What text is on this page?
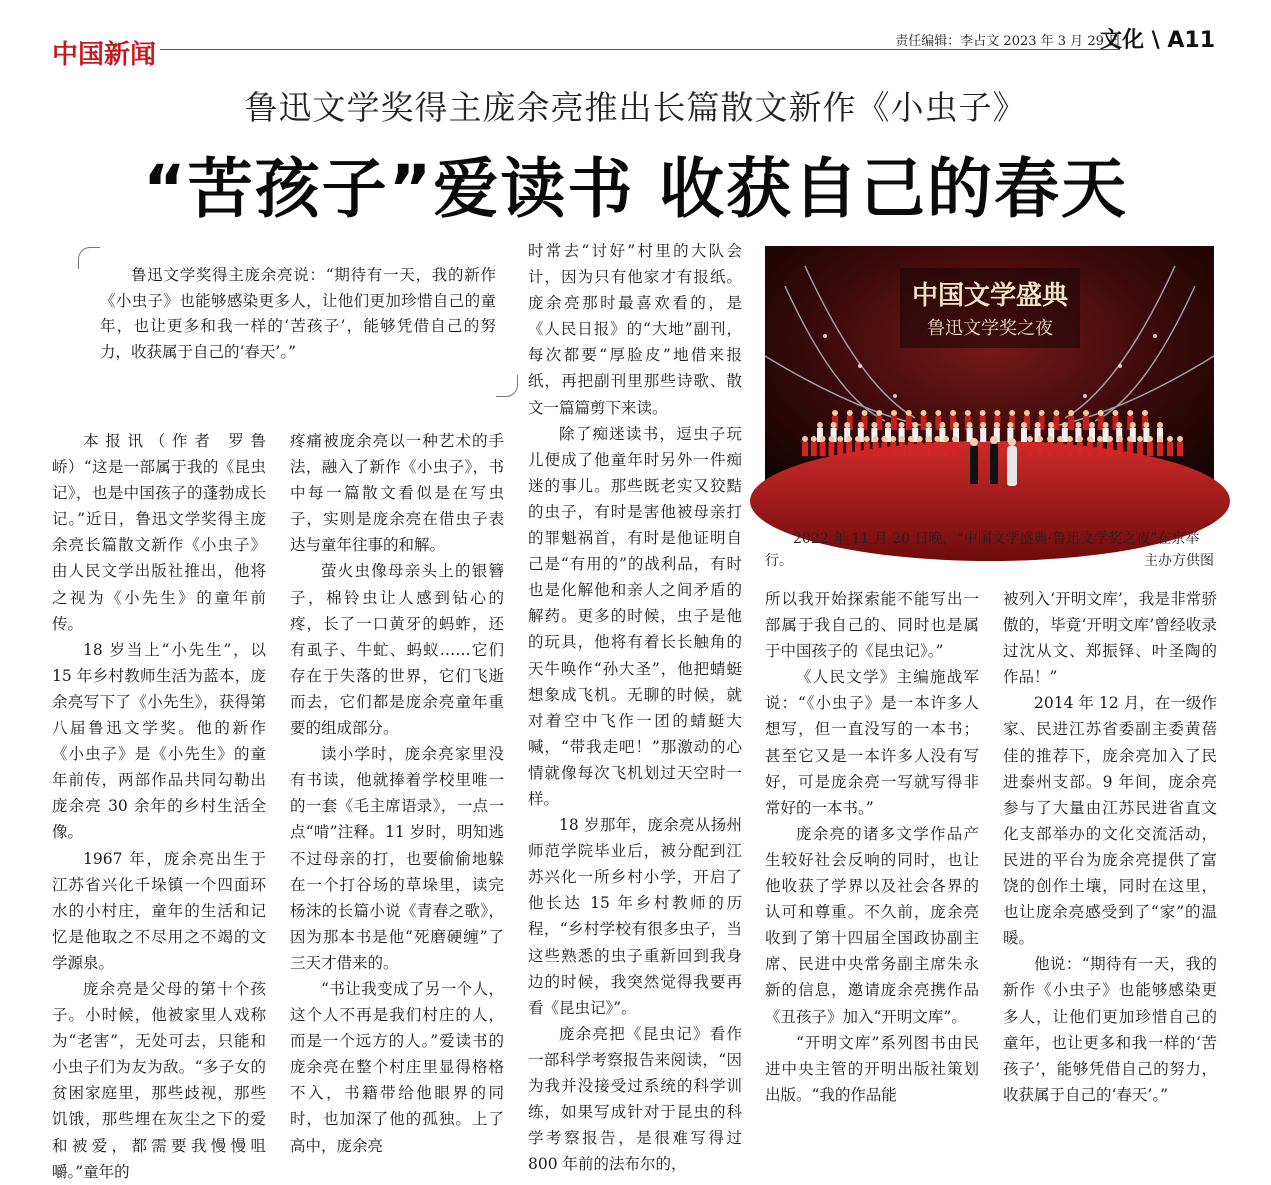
中国新闻	责任编辑：李占文 2023 年 3 月 29 日
文化 \ A11
鲁迅文学奖得主庞余亮推出长篇散文新作《小虫子》
“苦孩子”爱读书 收获自己的春天

鲁迅文学奖得主庞余亮说：“期待有一天，我的新作《小虫子》也能够感染更多人，让他们更加珍惜自己的童年，也让更多和我一样的‘苦孩子’，能够凭借自己的努力，收获属于自己的‘春天’。”

本报讯（作者 罗鲁峤）“这是一部属于我的《昆虫记》，也是中国孩子的蓬勃成长记。”近日，鲁迅文学奖得主庞余亮长篇散文新作《小虫子》由人民文学出版社推出，他将之视为《小先生》的童年前传。

18 岁当上“小先生”，以 15 年乡村教师生活为蓝本，庞余亮写下了《小先生》，获得第八届鲁迅文学奖。他的新作《小虫子》是《小先生》的童年前传，两部作品共同勾勒出庞余亮 30 余年的乡村生活全像。

1967 年，庞余亮出生于江苏省兴化千垛镇一个四面环水的小村庄，童年的生活和记忆是他取之不尽用之不竭的文学源泉。

庞余亮是父母的第十个孩子。小时候，他被家里人戏称为“老害”，无处可去，只能和小虫子们为友为敌。“多子女的贫困家庭里，那些歧视，那些饥饿，那些埋在灰尘之下的爱和被爱，都需要我慢慢咀嚼。”童年的

疼痛被庞余亮以一种艺术的手法，融入了新作《小虫子》，书中每一篇散文看似是在写虫子，实则是庞余亮在借虫子表达与童年往事的和解。

萤火虫像母亲头上的银簪子，棉铃虫让人感到钻心的疼，长了一口黄牙的蚂蚱，还有虱子、牛虻、蚂蚁……它们存在于失落的世界，它们飞逝而去，它们都是庞余亮童年重要的组成部分。

读小学时，庞余亮家里没有书读，他就捧着学校里唯一的一套《毛主席语录》，一点一点“啃”注释。11 岁时，明知逃不过母亲的打，也要偷偷地躲在一个打谷场的草垛里，读完杨沫的长篇小说《青春之歌》，因为那本书是他“死磨硬缠”了三天才借来的。

“书让我变成了另一个人，这个人不再是我们村庄的人，而是一个远方的人。”爱读书的庞余亮在整个村庄里显得格格不入，书籍带给他眼界的同时，也加深了他的孤独。上了高中，庞余亮

时常去“讨好”村里的大队会计，因为只有他家才有报纸。庞余亮那时最喜欢看的，是《人民日报》的“大地”副刊，每次都要“厚脸皮”地借来报纸，再把副刊里那些诗歌、散文一篇篇剪下来读。

除了痴迷读书，逗虫子玩儿便成了他童年时另外一件痴迷的事儿。那些既老实又狡黠的虫子，有时是害他被母亲打的罪魁祸首，有时是他证明自己是“有用的”的战利品，有时也是化解他和亲人之间矛盾的解药。更多的时候，虫子是他的玩具，他将有着长长触角的天牛唤作“孙大圣”，他把蜻蜓想象成飞机。无聊的时候，就对着空中飞作一团的蜻蜓大喊，“带我走吧！”那激动的心情就像每次飞机划过天空时一样。

18 岁那年，庞余亮从扬州师范学院毕业后，被分配到江苏兴化一所乡村小学，开启了他长达 15 年乡村教师的历程，“乡村学校有很多虫子，当这些熟悉的虫子重新回到我身边的时候，我突然觉得我要再看《昆虫记》”。

庞余亮把《昆虫记》看作一部科学考察报告来阅读，“因为我并没接受过系统的科学训练，如果写成针对于昆虫的科学考察报告，是很难写得过 800 年前的法布尔的，

中国文学盛典
鲁迅文学奖之夜

2022 年 11 月 20 日晚，“中国文学盛典·鲁迅文学奖之夜”在京举行。	主办方供图

所以我开始探索能不能写出一部属于我自己的、同时也是属于中国孩子的《昆虫记》。”

《人民文学》主编施战军说：“《小虫子》是一本许多人想写，但一直没写的一本书；甚至它又是一本许多人没有写好，可是庞余亮一写就写得非常好的一本书。”

庞余亮的诸多文学作品产生较好社会反响的同时，也让他收获了学界以及社会各界的认可和尊重。不久前，庞余亮收到了第十四届全国政协副主席、民进中央常务副主席朱永新的信息，邀请庞余亮携作品《丑孩子》加入“开明文库”。

“开明文库”系列图书由民进中央主管的开明出版社策划出版。“我的作品能

被列入‘开明文库’，我是非常骄傲的，毕竟‘开明文库’曾经收录过沈从文、郑振铎、叶圣陶的作品！”

2014 年 12 月，在一级作家、民进江苏省委副主委黄蓓佳的推荐下，庞余亮加入了民进泰州支部。9 年间，庞余亮参与了大量由江苏民进省直文化支部举办的文化交流活动，民进的平台为庞余亮提供了富饶的创作土壤，同时在这里，也让庞余亮感受到了“家”的温暖。

他说：“期待有一天，我的新作《小虫子》也能够感染更多人，让他们更加珍惜自己的童年，也让更多和我一样的‘苦孩子’，能够凭借自己的努力，收获属于自己的‘春天’。”
